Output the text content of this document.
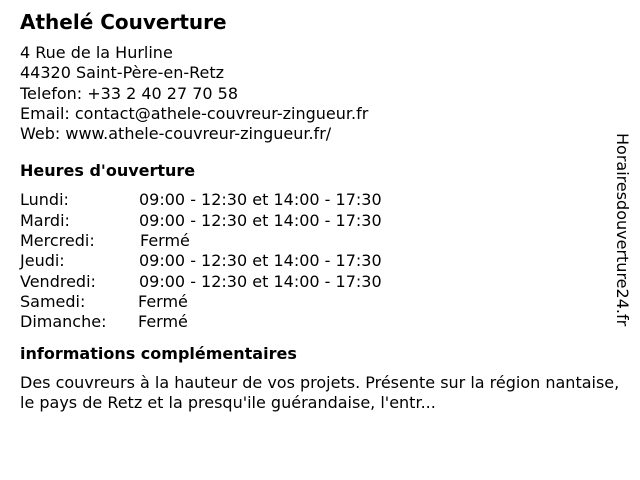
Athelé Couverture
4 Rue de la Hurline
44320 Saint-Père-en-Retz
Telefon: +33 2 40 27 70 58
Email: contact@athele-couvreur-zingueur.fr
Web: www.athele-couvreur-zingueur.fr/
Heures d'ouverture
Lundi:	09:00 - 12:30 et 14:00 - 17:30
Mardi:	09:00 - 12:30 et 14:00 - 17:30
Mercredi:	Fermé
Jeudi:	09:00 - 12:30 et 14:00 - 17:30
Vendredi:	09:00 - 12:30 et 14:00 - 17:30
Samedi:	Fermé
Dimanche: Fermé
informations complémentaires
Des couvreurs à la hauteur de vos projets. Présente sur la région nantaise, le pays de Retz et la presqu'ile guérandaise, l'entr...
Horairesdouverture24.fr
